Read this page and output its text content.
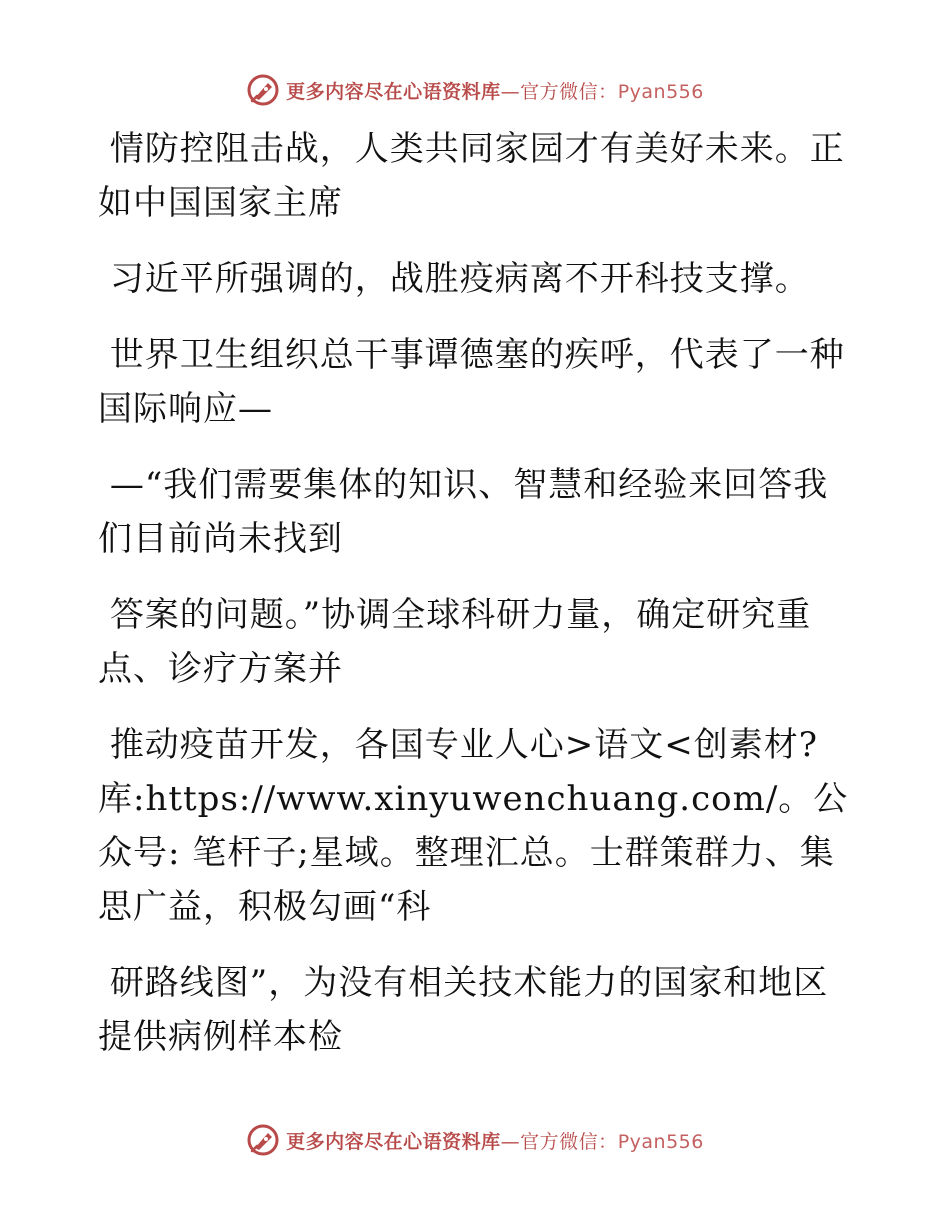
更多内容尽在心语资料库—官方微信：Pyan556

情防控阻击战，人类共同家园才有美好未来。正如中国国家主席

习近平所强调的，战胜疫病离不开科技支撑。

世界卫生组织总干事谭德塞的疾呼，代表了一种国际响应—

—“我们需要集体的知识、智慧和经验来回答我们目前尚未找到

答案的问题。”协调全球科研力量，确定研究重点、诊疗方案并

推动疫苗开发，各国专业人心>语文<创素材?库:https://www.xinyuwenchuang.com/。公众号: 笔杆子;星域。整理汇总。士群策群力、集思广益，积极勾画“科

研路线图”，为没有相关技术能力的国家和地区提供病例样本检

更多内容尽在心语资料库—官方微信：Pyan556
